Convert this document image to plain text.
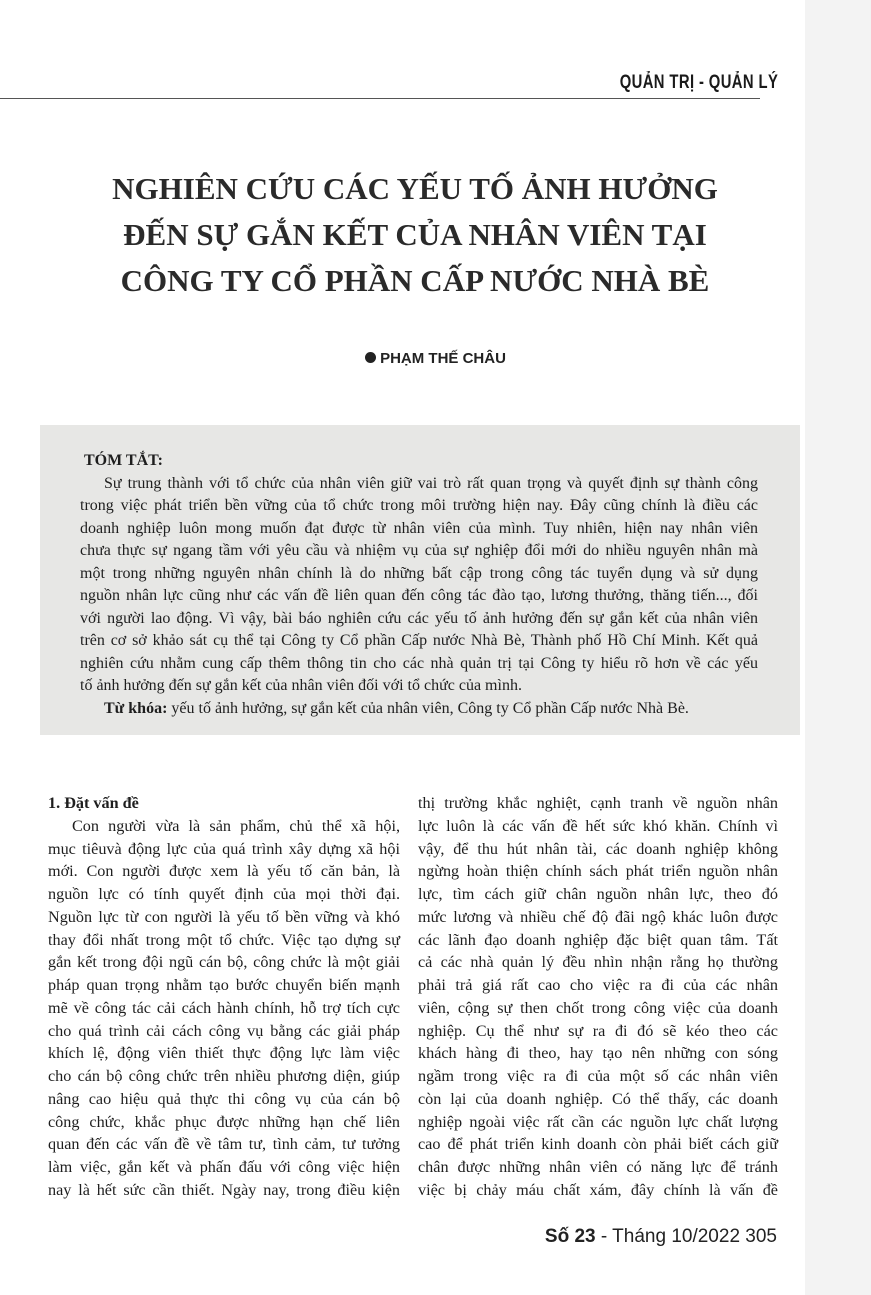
QUẢN TRỊ - QUẢN LÝ
NGHIÊN CỨU CÁC YẾU TỐ ẢNH HƯỞNG
ĐẾN SỰ GẮN KẾT CỦA NHÂN VIÊN TẠI
CÔNG TY CỔ PHẦN CẤP NƯỚC NHÀ BÈ
PHẠM THẾ CHÂU
TÓM TẮT:
Sự trung thành với tổ chức của nhân viên giữ vai trò rất quan trọng và quyết định sự thành công
trong việc phát triển bền vững của tổ chức trong môi trường hiện nay. Đây cũng chính là điều các
doanh nghiệp luôn mong muốn đạt được từ nhân viên của mình. Tuy nhiên, hiện nay nhân viên
chưa thực sự ngang tầm với yêu cầu và nhiệm vụ của sự nghiệp đổi mới do nhiều nguyên nhân mà
một trong những nguyên nhân chính là do những bất cập trong công tác tuyển dụng và sử dụng
nguồn nhân lực cũng như các vấn đề liên quan đến công tác đào tạo, lương thưởng, thăng tiến..., đối
với người lao động. Vì vậy, bài báo nghiên cứu các yếu tố ảnh hưởng đến sự gắn kết của nhân viên
trên cơ sở khảo sát cụ thể tại Công ty Cổ phần Cấp nước Nhà Bè, Thành phố Hồ Chí Minh. Kết quả
nghiên cứu nhằm cung cấp thêm thông tin cho các nhà quản trị tại Công ty hiểu rõ hơn về các yếu
tố ảnh hưởng đến sự gắn kết của nhân viên đối với tổ chức của mình.
Từ khóa: yếu tố ảnh hưởng, sự gắn kết của nhân viên, Công ty Cổ phần Cấp nước Nhà Bè.
1. Đặt vấn đề
Con người vừa là sản phẩm, chủ thể xã hội,
mục tiêuvà động lực của quá trình xây dựng xã hội
mới. Con người được xem là yếu tố căn bản, là
nguồn lực có tính quyết định của mọi thời đại.
Nguồn lực từ con người là yếu tố bền vững và khó
thay đổi nhất trong một tổ chức. Việc tạo dựng sự
gắn kết trong đội ngũ cán bộ, công chức là một giải
pháp quan trọng nhằm tạo bước chuyển biến mạnh
mẽ về công tác cải cách hành chính, hỗ trợ tích cực
cho quá trình cải cách công vụ bằng các giải pháp
khích lệ, động viên thiết thực động lực làm việc
cho cán bộ công chức trên nhiều phương diện, giúp
nâng cao hiệu quả thực thi công vụ của cán bộ
công chức, khắc phục được những hạn chế liên
quan đến các vấn đề về tâm tư, tình cảm, tư tưởng
làm việc, gắn kết và phấn đấu với công việc hiện
nay là hết sức cần thiết. Ngày nay, trong điều kiện
thị trường khắc nghiệt, cạnh tranh về nguồn nhân
lực luôn là các vấn đề hết sức khó khăn. Chính vì
vậy, để thu hút nhân tài, các doanh nghiệp không
ngừng hoàn thiện chính sách phát triển nguồn nhân
lực, tìm cách giữ chân nguồn nhân lực, theo đó
mức lương và nhiều chế độ đãi ngộ khác luôn được
các lãnh đạo doanh nghiệp đặc biệt quan tâm. Tất
cả các nhà quản lý đều nhìn nhận rằng họ thường
phải trả giá rất cao cho việc ra đi của các nhân
viên, cộng sự then chốt trong công việc của doanh
nghiệp. Cụ thể như sự ra đi đó sẽ kéo theo các
khách hàng đi theo, hay tạo nên những con sóng
ngầm trong việc ra đi của một số các nhân viên
còn lại của doanh nghiệp. Có thể thấy, các doanh
nghiệp ngoài việc rất cần các nguồn lực chất lượng
cao để phát triển kinh doanh còn phải biết cách giữ
chân được những nhân viên có năng lực để tránh
việc bị chảy máu chất xám, đây chính là vấn đề
Số 23 - Tháng 10/2022 305
